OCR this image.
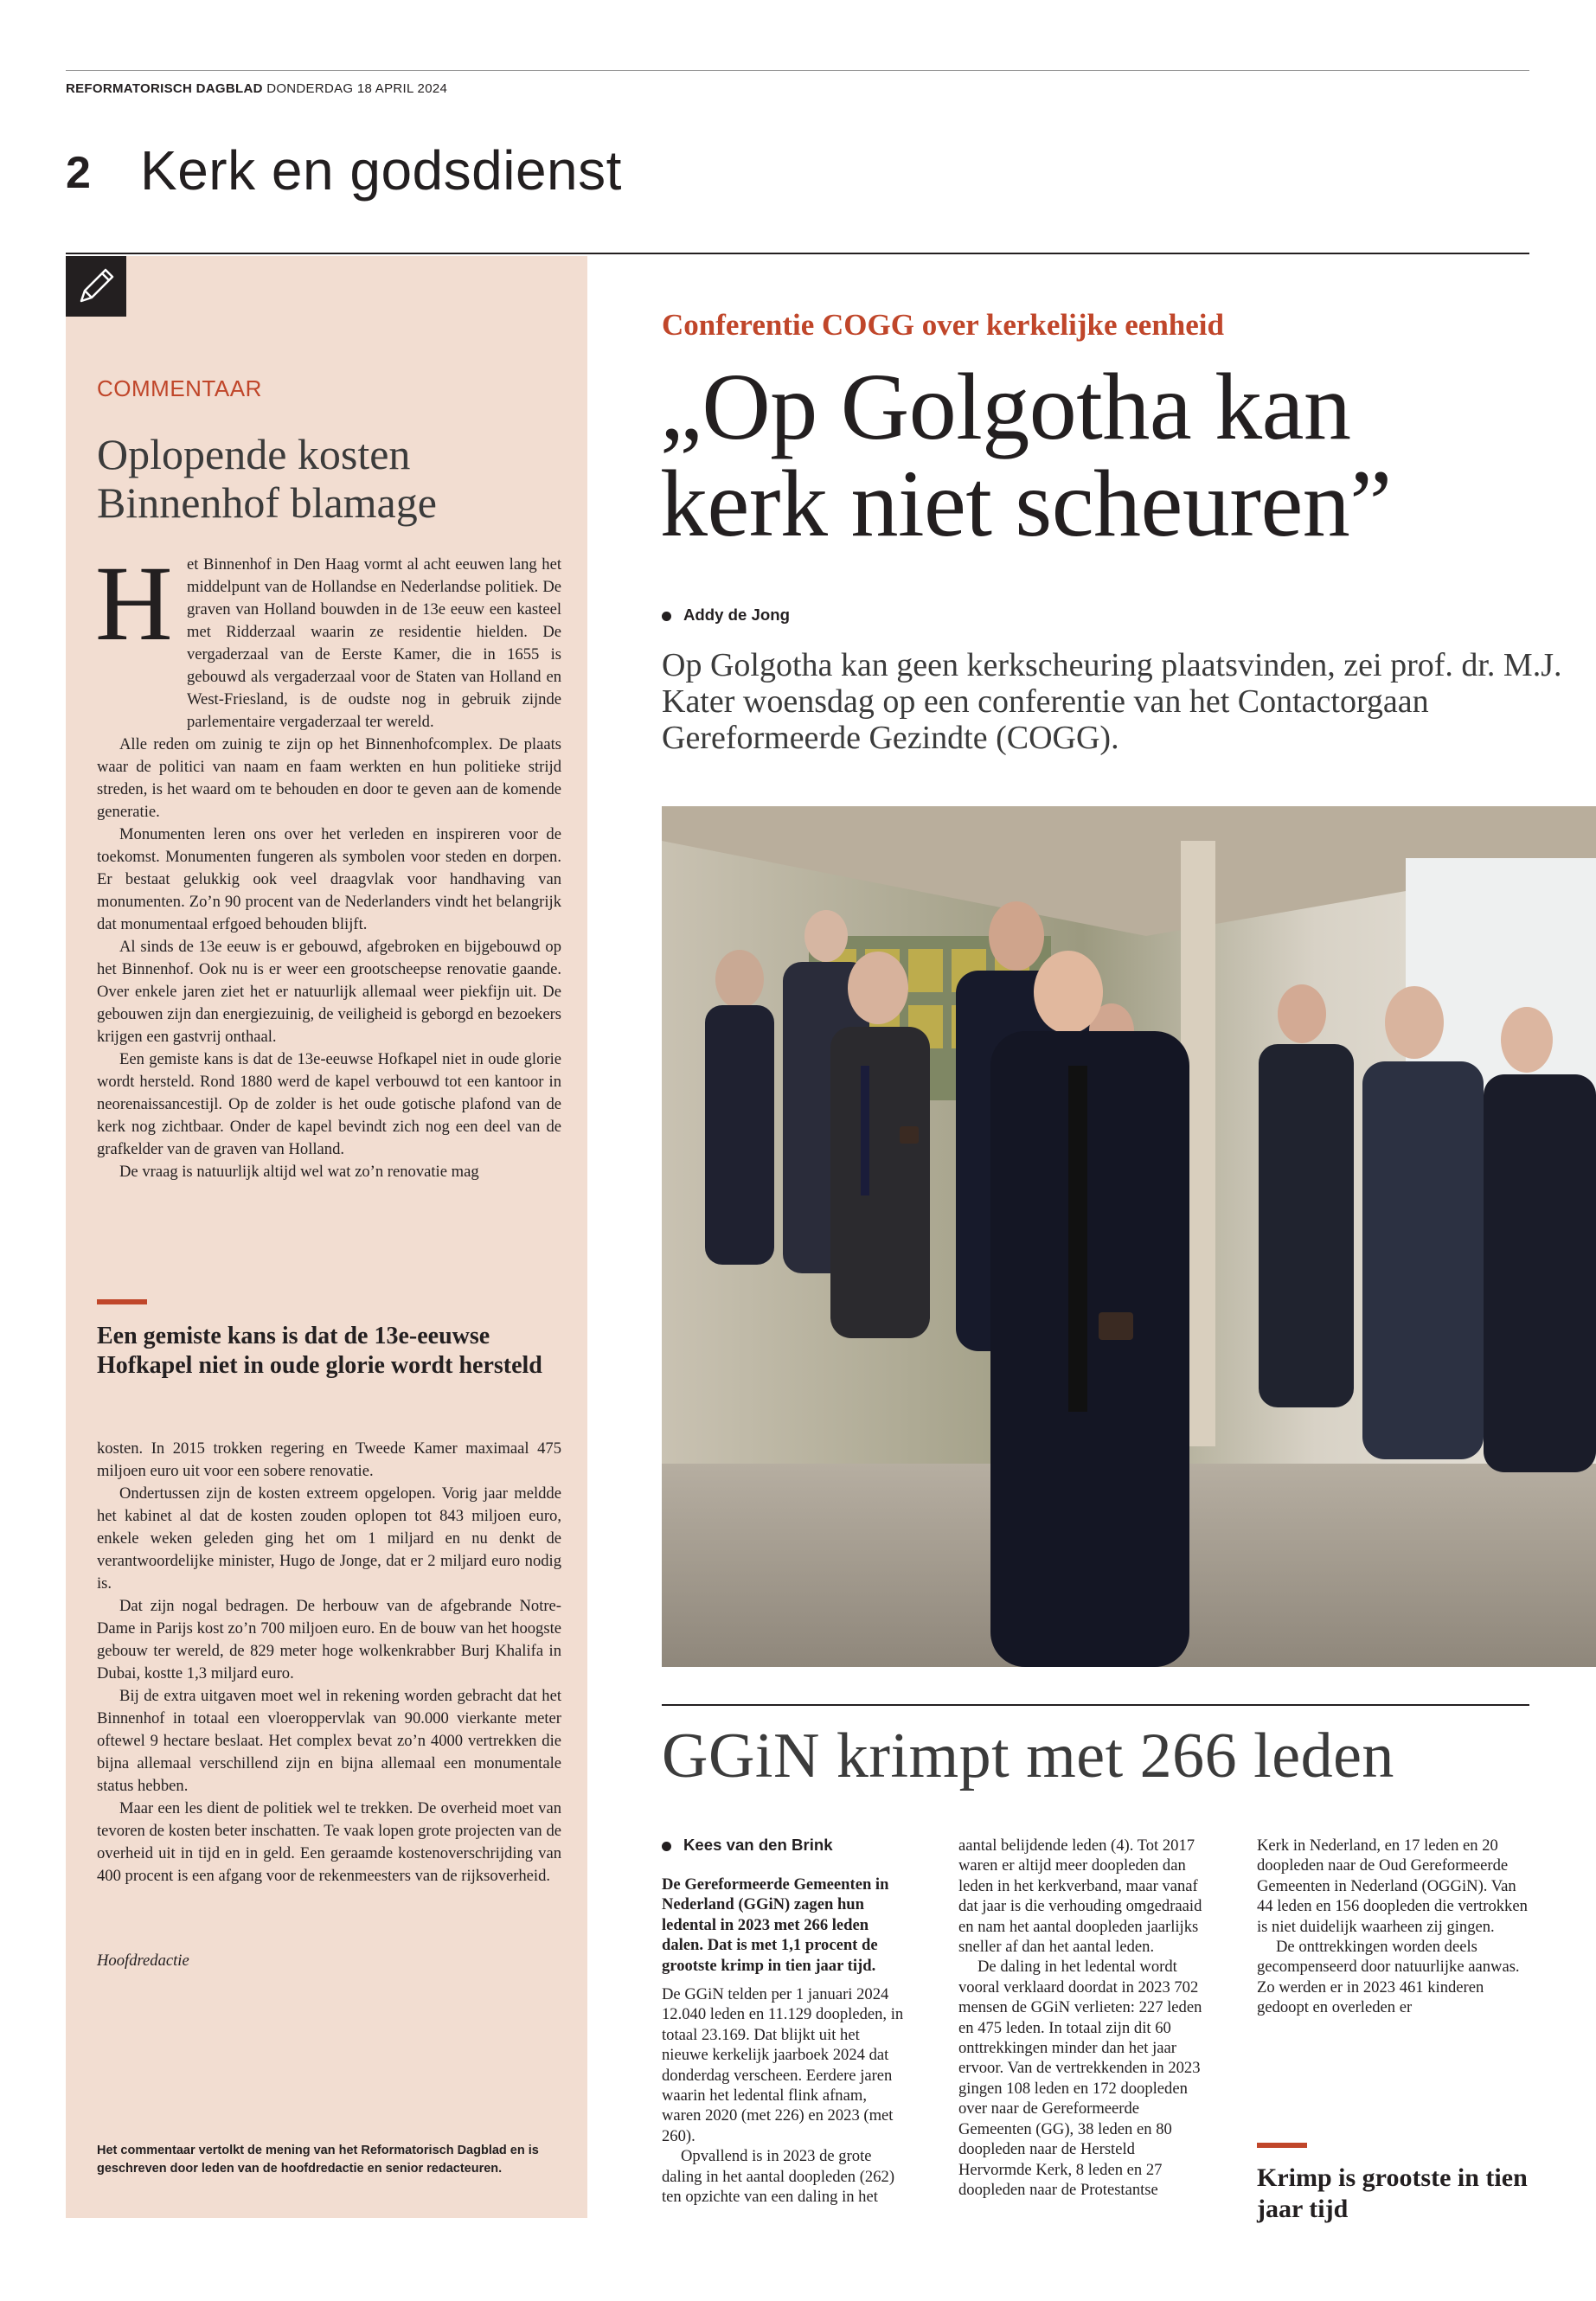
REFORMATORISCH DAGBLAD DONDERDAG 18 APRIL 2024
2 Kerk en godsdienst
COMMENTAAR
Oplopende kosten Binnenhof blamage
H et Binnenhof in Den Haag vormt al acht eeuwen lang het middelpunt van de Hollandse en Nederlandse politiek. De graven van Holland bouwden in de 13e eeuw een kasteel met Ridderzaal waarin ze residentie hielden. De vergaderzaal van de Eerste Kamer, die in 1655 is gebouwd als vergaderzaal voor de Staten van Holland en West-Friesland, is de oudste nog in gebruik zijnde parlementaire vergaderzaal ter wereld.

Alle reden om zuinig te zijn op het Binnenhofcomplex. De plaats waar de politici van naam en faam werkten en hun politieke strijd streden, is het waard om te behouden en door te geven aan de komende generatie.

Monumenten leren ons over het verleden en inspireren voor de toekomst. Monumenten fungeren als symbolen voor steden en dorpen. Er bestaat gelukkig ook veel draagvlak voor handhaving van monumenten. Zo’n 90 procent van de Nederlanders vindt het belangrijk dat monumentaal erfgoed behouden blijft.

Al sinds de 13e eeuw is er gebouwd, afgebroken en bijgebouwd op het Binnenhof. Ook nu is er weer een grootscheepse renovatie gaande. Over enkele jaren ziet het er natuurlijk allemaal weer piekfijn uit. De gebouwen zijn dan energiezuinig, de veiligheid is geborgd en bezoekers krijgen een gastvrij onthaal.

Een gemiste kans is dat de 13e-eeuwse Hofkapel niet in oude glorie wordt hersteld. Rond 1880 werd de kapel verbouwd tot een kantoor in neorenaissancestijl. Op de zolder is het oude gotische plafond van de kerk nog zichtbaar. Onder de kapel bevindt zich nog een deel van de grafkelder van de graven van Holland.

De vraag is natuurlijk altijd wel wat zo’n renovatie mag

Een gemiste kans is dat de 13e-eeuwse Hofkapel niet in oude glorie wordt hersteld

kosten. In 2015 trokken regering en Tweede Kamer maximaal 475 miljoen euro uit voor een sobere renovatie.

Ondertussen zijn de kosten extreem opgelopen. Vorig jaar meldde het kabinet al dat de kosten zouden oplopen tot 843 miljoen euro, enkele weken geleden ging het om 1 miljard en nu denkt de verantwoordelijke minister, Hugo de Jonge, dat er 2 miljard euro nodig is.

Dat zijn nogal bedragen. De herbouw van de afgebrande Notre-Dame in Parijs kost zo’n 700 miljoen euro. En de bouw van het hoogste gebouw ter wereld, de 829 meter hoge wolkenkrabber Burj Khalifa in Dubai, kostte 1,3 miljard euro.

Bij de extra uitgaven moet wel in rekening worden gebracht dat het Binnenhof in totaal een vloeroppervlak van 90.000 vierkante meter oftewel 9 hectare beslaat. Het complex bevat zo’n 4000 vertrekken die bijna allemaal verschillend zijn en bijna allemaal een monumentale status hebben.

Maar een les dient de politiek wel te trekken. De overheid moet van tevoren de kosten beter inschatten. Te vaak lopen grote projecten van de overheid uit in tijd en in geld. Een geraamde kostenoverschrijding van 400 procent is een afgang voor de rekenmeesters van de rijksoverheid.

Hoofdredactie
Het commentaar vertolkt de mening van het Reformatorisch Dagblad en is geschreven door leden van de hoofdredactie en senior redacteuren.
Conferentie COGG over kerkelijke eenheid
„Op Golgotha kan
kerk niet scheuren”
Addy de Jong
Op Golgotha kan geen kerkscheuring plaatsvinden, zei prof. dr. M.J. Kater woensdag op een conferentie van het Contactorgaan Gereformeerde Gezindte (COGG).
GGiN krimpt met 266 leden
Kees van den Brink

De Gereformeerde Gemeenten in Nederland (GGiN) zagen hun ledental in 2023 met 266 leden dalen. Dat is met 1,1 procent de grootste krimp in tien jaar tijd.

De GGiN telden per 1 januari 2024 12.040 leden en 11.129 doopleden, in totaal 23.169. Dat blijkt uit het nieuwe kerkelijk jaarboek 2024 dat donderdag verscheen. Eerdere jaren waarin het ledental flink afnam, waren 2020 (met 226) en 2023 (met 260).

Opvallend is in 2023 de grote daling in het aantal doopleden (262) ten opzichte van een daling in het

aantal belijdende leden (4). Tot 2017 waren er altijd meer doopleden dan leden in het kerkverband, maar vanaf dat jaar is die verhouding omgedraaid en nam het aantal doopleden jaarlijks sneller af dan het aantal leden.

De daling in het ledental wordt vooral verklaard doordat in 2023 702 mensen de GGiN verlieten: 227 leden en 475 leden. In totaal zijn dit 60 onttrekkingen minder dan het jaar ervoor. Van de vertrekkenden in 2023 gingen 108 leden en 172 doopleden over naar de Gereformeerde Gemeenten (GG), 38 leden en 80 doopleden naar de Hersteld Hervormde Kerk, 8 leden en 27 doopleden naar de Protestantse

Kerk in Nederland, en 17 leden en 20 doopleden naar de Oud Gereformeerde Gemeenten in Nederland (OGGiN). Van 44 leden en 156 doopleden die vertrokken is niet duidelijk waarheen zij gingen.

De onttrekkingen worden deels gecompenseerd door natuurlijke aanwas. Zo werden er in 2023 461 kinderen gedoopt en overleden er

Krimp is grootste in tien jaar tijd
